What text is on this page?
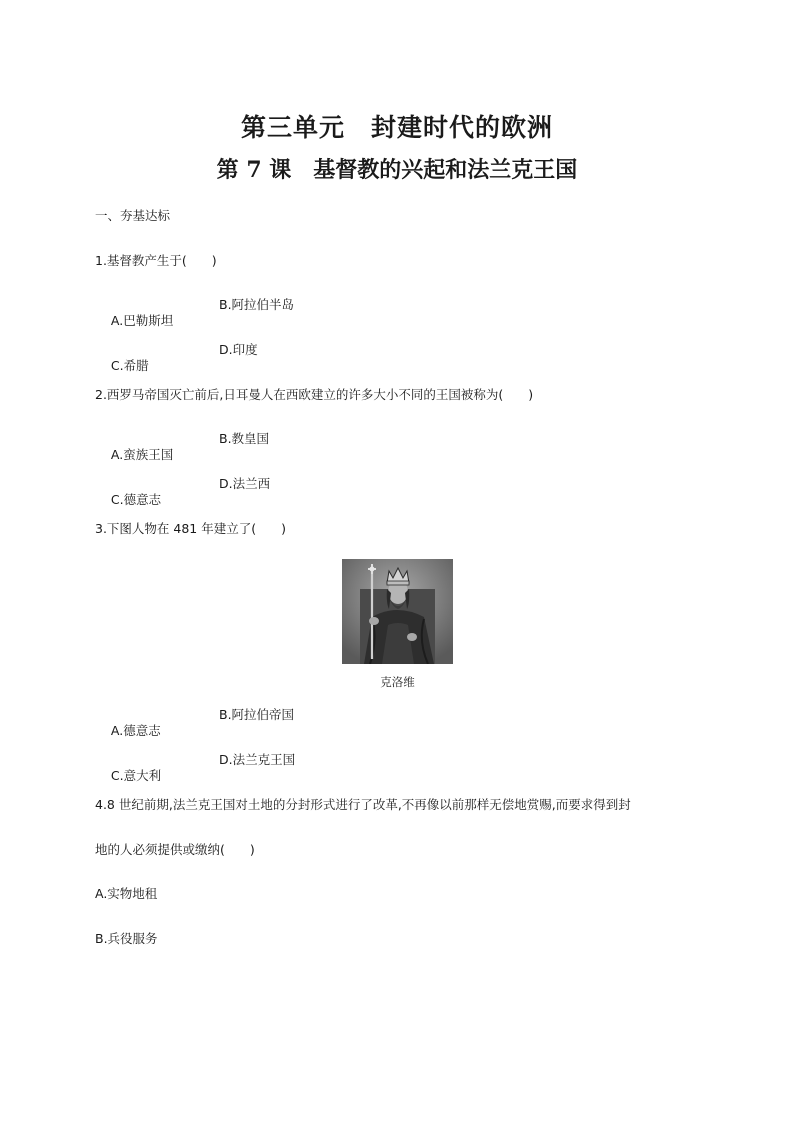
第三单元　封建时代的欧洲
第 7 课　基督教的兴起和法兰克王国
一、夯基达标
1.基督教产生于(　　)

A.巴勒斯坦

B.阿拉伯半岛

C.希腊

D.印度

2.西罗马帝国灭亡前后,日耳曼人在西欧建立的许多大小不同的王国被称为(　　)

A.蛮族王国

B.教皇国

C.德意志

D.法兰西

3.下图人物在 481 年建立了(　　)
克洛维

A.德意志

B.阿拉伯帝国

C.意大利

D.法兰克王国

4.8 世纪前期,法兰克王国对土地的分封形式进行了改革,不再像以前那样无偿地赏赐,而要求得到封
地的人必须提供或缴纳(　　)
A.实物地租
B.兵役服务
